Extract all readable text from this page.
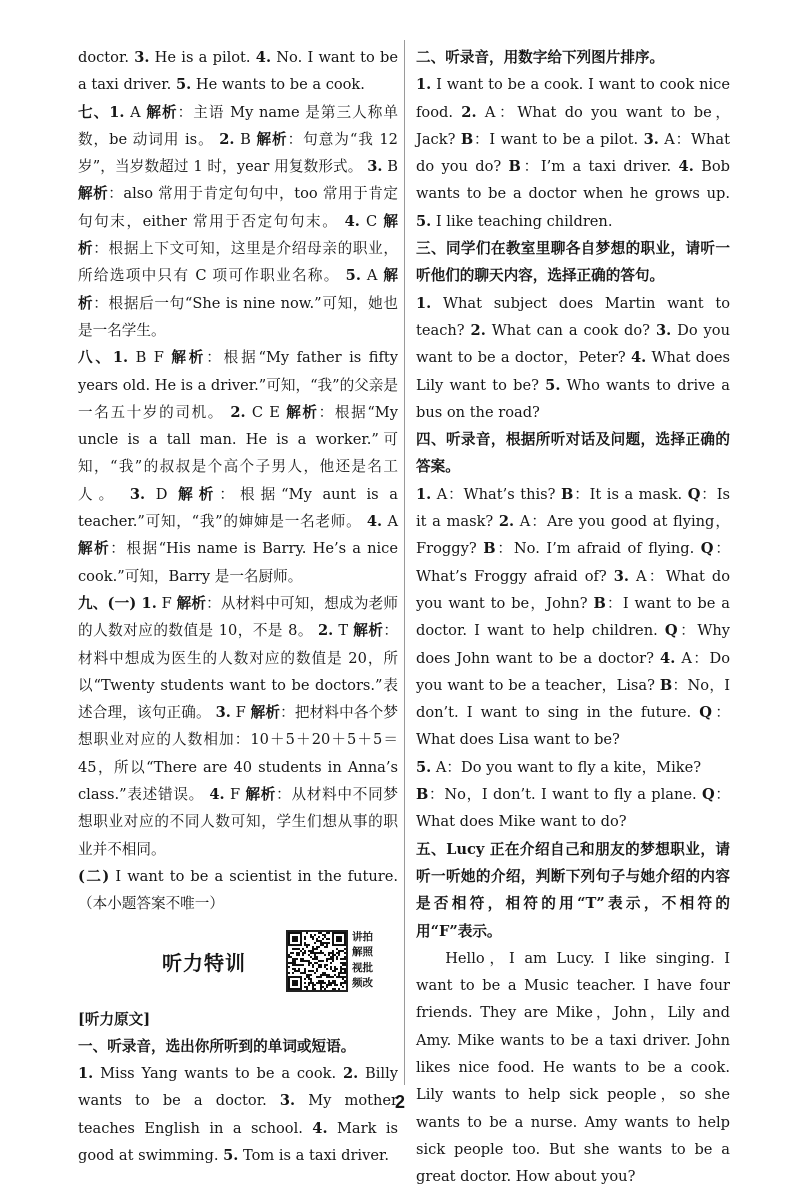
doctor. 3. He is a pilot. 4. No. I want to be a taxi driver. 5. He wants to be a cook.

七、1. A 解析：主语 My name 是第三人称单数，be 动词用 is。 2. B 解析：句意为“我 12 岁”，当岁数超过 1 时，year 用复数形式。 3. B 解析：also 常用于肯定句句中，too 常用于肯定句句末，either 常用于否定句句末。 4. C 解析：根据上下文可知，这里是介绍母亲的职业，所给选项中只有 C 项可作职业名称。 5. A 解析：根据后一句“She is nine now.”可知，她也是一名学生。

八、1. B F 解析：根据“My father is fifty years old. He is a driver.”可知，“我”的父亲是一名五十岁的司机。 2. C E 解析：根据“My uncle is a tall man. He is a worker.”可知，“我”的叔叔是个高个子男人，他还是名工人。 3. D 解析：根据“My aunt is a teacher.”可知，“我”的婶婶是一名老师。 4. A 解析：根据“His name is Barry. He’s a nice cook.”可知，Barry 是一名厨师。

九、(一) 1. F 解析：从材料中可知，想成为老师的人数对应的数值是 10，不是 8。 2. T 解析：材料中想成为医生的人数对应的数值是 20，所以“Twenty students want to be doctors.”表述合理，该句正确。 3. F 解析：把材料中各个梦想职业对应的人数相加：10＋5＋20＋5＋5＝45，所以“There are 40 students in Anna’s class.”表述错误。 4. F 解析：从材料中不同梦想职业对应的不同人数可知，学生们想从事的职业并不相同。

(二) I want to be a scientist in the future.（本小题答案不唯一）

听力特训
讲拍
解照
视批
频改

[听力原文]

一、听录音，选出你所听到的单词或短语。

1. Miss Yang wants to be a cook. 2. Billy wants to be a doctor. 3. My mother teaches English in a school. 4. Mark is good at swimming. 5. Tom is a taxi driver.

二、听录音，用数字给下列图片排序。

1. I want to be a cook. I want to cook nice food. 2. A：What do you want to be，Jack? B：I want to be a pilot. 3. A：What do you do? B：I’m a taxi driver. 4. Bob wants to be a doctor when he grows up. 5. I like teaching children.

三、同学们在教室里聊各自梦想的职业，请听一听他们的聊天内容，选择正确的答句。

1. What subject does Martin want to teach? 2. What can a cook do? 3. Do you want to be a doctor，Peter? 4. What does Lily want to be? 5. Who wants to drive a bus on the road?

四、听录音，根据所听对话及问题，选择正确的答案。

1. A：What’s this? B：It is a mask. Q：Is it a mask? 2. A：Are you good at flying，Froggy? B：No. I’m afraid of flying. Q：What’s Froggy afraid of? 3. A：What do you want to be，John? B：I want to be a doctor. I want to help children. Q：Why does John want to be a doctor? 4. A：Do you want to be a teacher，Lisa? B：No，I don’t. I want to sing in the future. Q：What does Lisa want to be?

5. A：Do you want to fly a kite，Mike?

B：No，I don’t. I want to fly a plane. Q：What does Mike want to do?

五、Lucy 正在介绍自己和朋友的梦想职业，请听一听她的介绍，判断下列句子与她介绍的内容是否相符，相符的用“T”表示，不相符的用“F”表示。

Hello，I am Lucy. I like singing. I want to be a Music teacher. I have four friends. They are Mike，John，Lily and Amy. Mike wants to be a taxi driver. John likes nice food. He wants to be a cook. Lily wants to help sick people，so she wants to be a nurse. Amy wants to help sick people too. But she wants to be a great doctor. How about you?

2
